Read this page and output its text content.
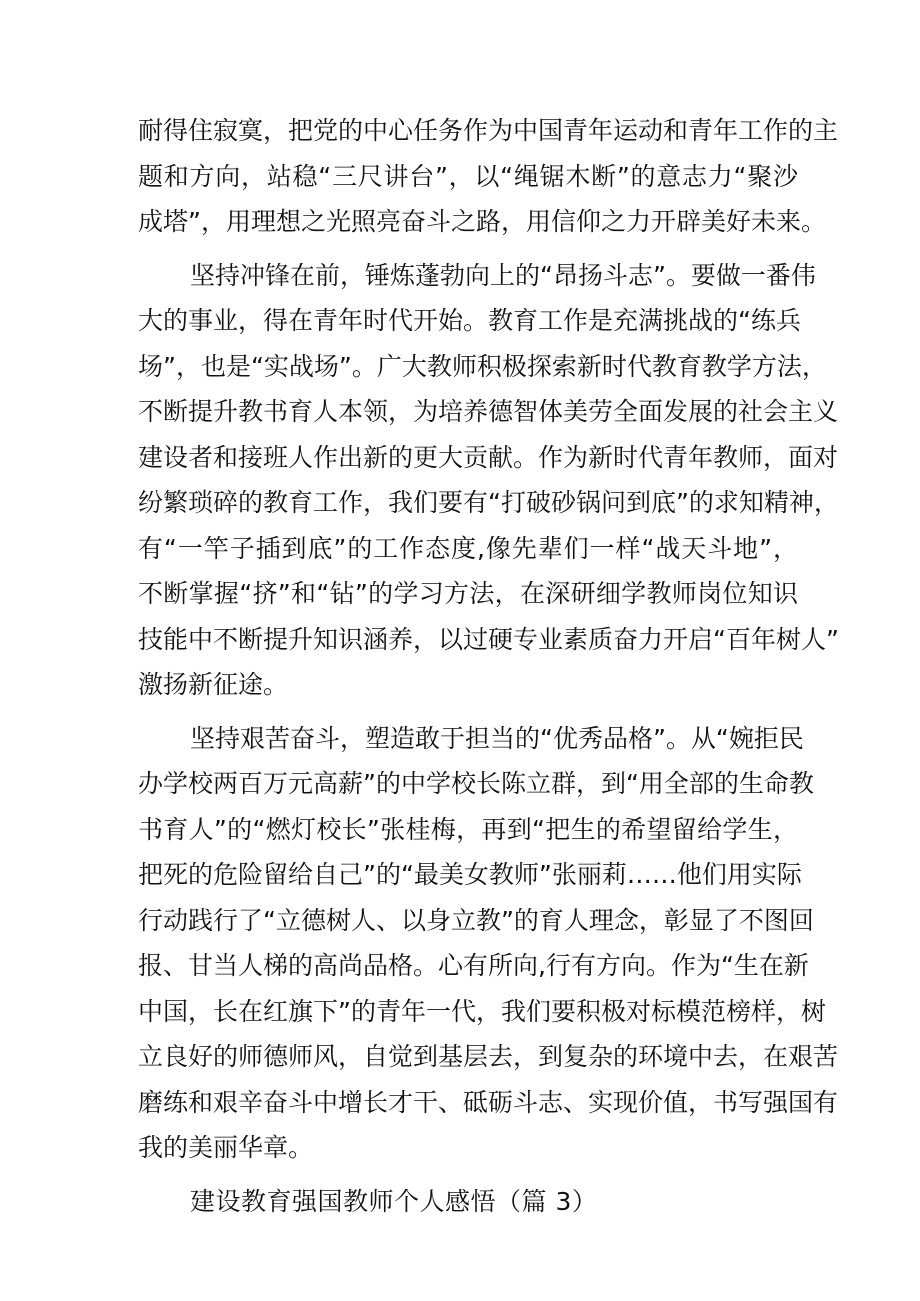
耐得住寂寞，把党的中心任务作为中国青年运动和青年工作的主
题和方向，站稳“三尺讲台”，以“绳锯木断”的意志力“聚沙
成塔”，用理想之光照亮奋斗之路，用信仰之力开辟美好未来。
坚持冲锋在前，锤炼蓬勃向上的“昂扬斗志”。要做一番伟
大的事业，得在青年时代开始。教育工作是充满挑战的“练兵
场”，也是“实战场”。广大教师积极探索新时代教育教学方法，
不断提升教书育人本领，为培养德智体美劳全面发展的社会主义
建设者和接班人作出新的更大贡献。作为新时代青年教师，面对
纷繁琐碎的教育工作，我们要有“打破砂锅问到底”的求知精神，
有“一竿子插到底”的工作态度,像先辈们一样“战天斗地”，
不断掌握“挤”和“钻”的学习方法，在深研细学教师岗位知识
技能中不断提升知识涵养，以过硬专业素质奋力开启“百年树人”
激扬新征途。
坚持艰苦奋斗，塑造敢于担当的“优秀品格”。从“婉拒民
办学校两百万元高薪”的中学校长陈立群，到“用全部的生命教
书育人”的“燃灯校长”张桂梅，再到“把生的希望留给学生，
把死的危险留给自己”的“最美女教师”张丽莉……他们用实际
行动践行了“立德树人、以身立教”的育人理念，彰显了不图回
报、甘当人梯的高尚品格。心有所向,行有方向。作为“生在新
中国，长在红旗下”的青年一代，我们要积极对标模范榜样，树
立良好的师德师风，自觉到基层去，到复杂的环境中去，在艰苦
磨练和艰辛奋斗中增长才干、砥砺斗志、实现价值，书写强国有
我的美丽华章。
建设教育强国教师个人感悟（篇 3）
